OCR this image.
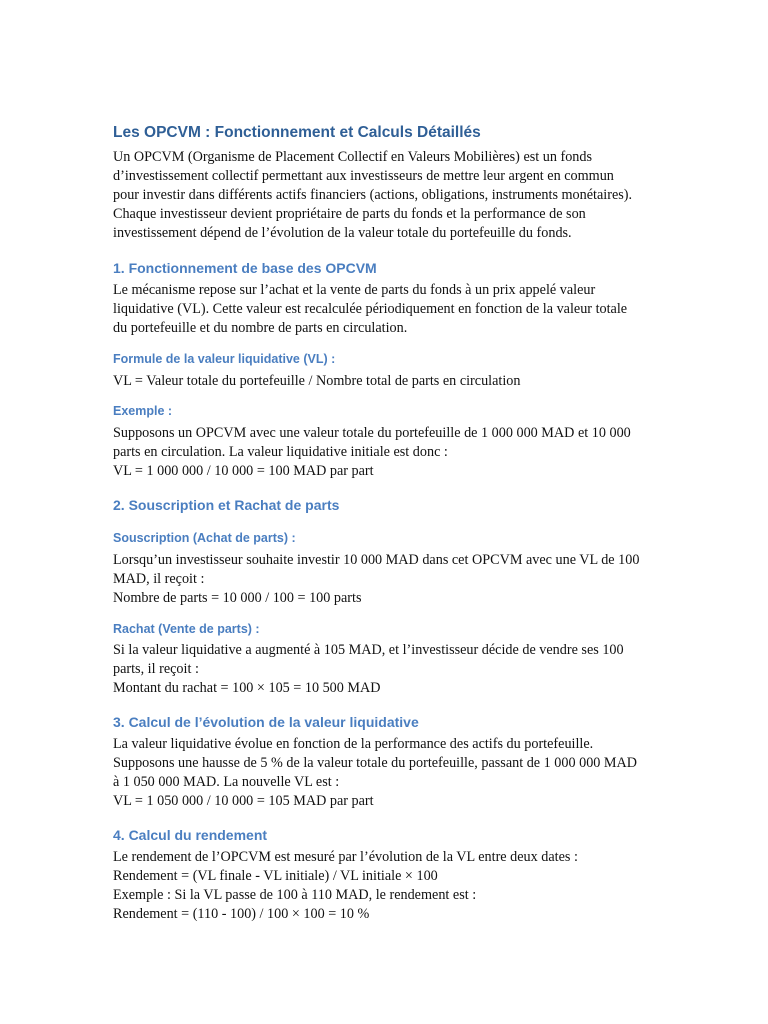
Les OPCVM : Fonctionnement et Calculs Détaillés
Un OPCVM (Organisme de Placement Collectif en Valeurs Mobilières) est un fonds
d’investissement collectif permettant aux investisseurs de mettre leur argent en commun
pour investir dans différents actifs financiers (actions, obligations, instruments monétaires).
Chaque investisseur devient propriétaire de parts du fonds et la performance de son
investissement dépend de l’évolution de la valeur totale du portefeuille du fonds.
1. Fonctionnement de base des OPCVM
Le mécanisme repose sur l’achat et la vente de parts du fonds à un prix appelé valeur
liquidative (VL). Cette valeur est recalculée périodiquement en fonction de la valeur totale
du portefeuille et du nombre de parts en circulation.
Formule de la valeur liquidative (VL) :
VL = Valeur totale du portefeuille / Nombre total de parts en circulation
Exemple :
Supposons un OPCVM avec une valeur totale du portefeuille de 1 000 000 MAD et 10 000
parts en circulation. La valeur liquidative initiale est donc :
VL = 1 000 000 / 10 000 = 100 MAD par part
2. Souscription et Rachat de parts
Souscription (Achat de parts) :
Lorsqu’un investisseur souhaite investir 10 000 MAD dans cet OPCVM avec une VL de 100
MAD, il reçoit :
Nombre de parts = 10 000 / 100 = 100 parts
Rachat (Vente de parts) :
Si la valeur liquidative a augmenté à 105 MAD, et l’investisseur décide de vendre ses 100
parts, il reçoit :
Montant du rachat = 100 × 105 = 10 500 MAD
3. Calcul de l’évolution de la valeur liquidative
La valeur liquidative évolue en fonction de la performance des actifs du portefeuille.
Supposons une hausse de 5 % de la valeur totale du portefeuille, passant de 1 000 000 MAD
à 1 050 000 MAD. La nouvelle VL est :
VL = 1 050 000 / 10 000 = 105 MAD par part
4. Calcul du rendement
Le rendement de l’OPCVM est mesuré par l’évolution de la VL entre deux dates :
Rendement = (VL finale - VL initiale) / VL initiale × 100
Exemple : Si la VL passe de 100 à 110 MAD, le rendement est :
Rendement = (110 - 100) / 100 × 100 = 10 %
